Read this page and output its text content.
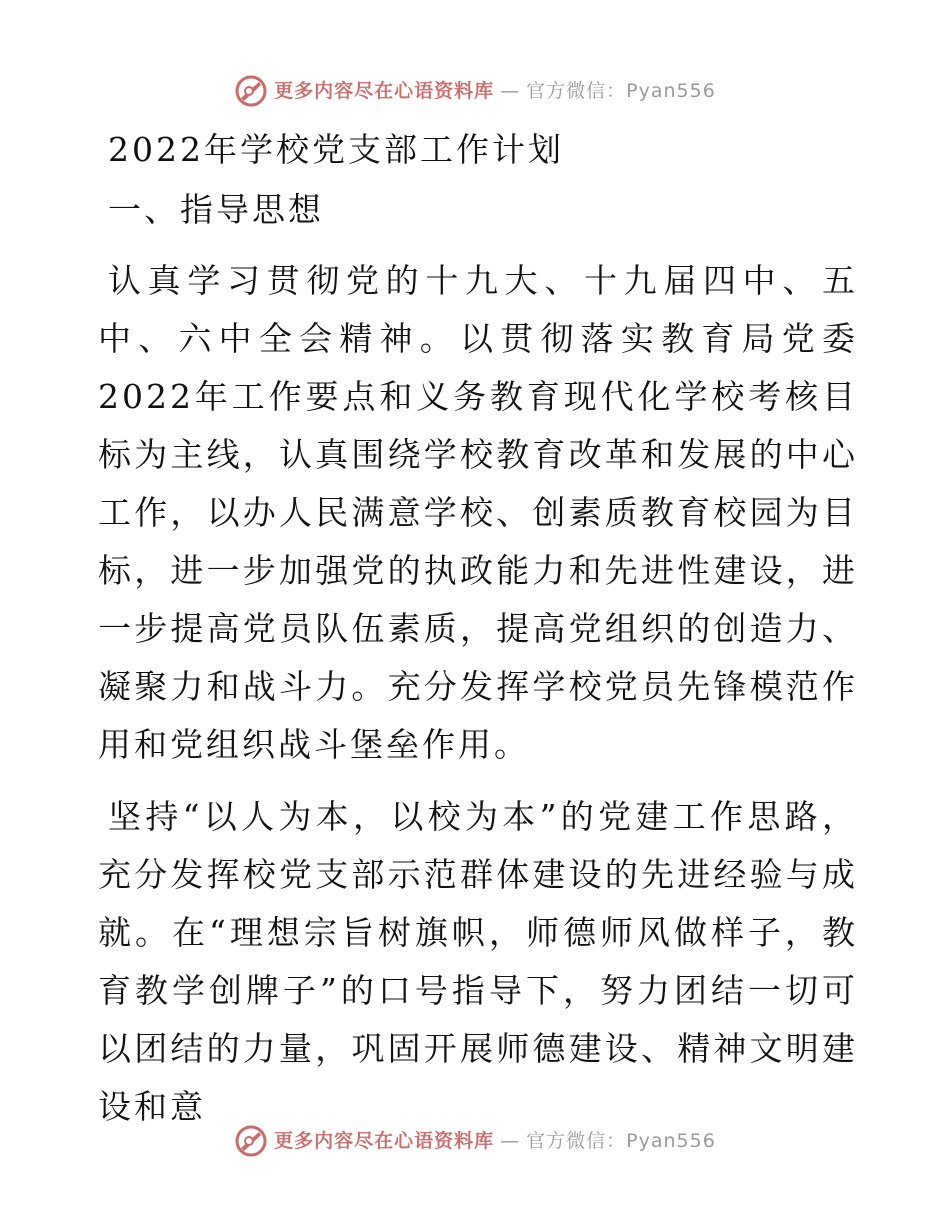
更多内容尽在心语资料库 — 官方微信：Pyan556
2022年学校党支部工作计划
一、指导思想

认真学习贯彻党的十九大、十九届四中、五中、六中全会精神。以贯彻落实教育局党委2022年工作要点和义务教育现代化学校考核目标为主线，认真围绕学校教育改革和发展的中心工作，以办人民满意学校、创素质教育校园为目标，进一步加强党的执政能力和先进性建设，进一步提高党员队伍素质，提高党组织的创造力、凝聚力和战斗力。充分发挥学校党员先锋模范作用和党组织战斗堡垒作用。

坚持“以人为本，以校为本”的党建工作思路，充分发挥校党支部示范群体建设的先进经验与成就。在“理想宗旨树旗帜，师德师风做样子，教育教学创牌子”的口号指导下，努力团结一切可以团结的力量，巩固开展师德建设、精神文明建设和意

更多内容尽在心语资料库 — 官方微信：Pyan556
